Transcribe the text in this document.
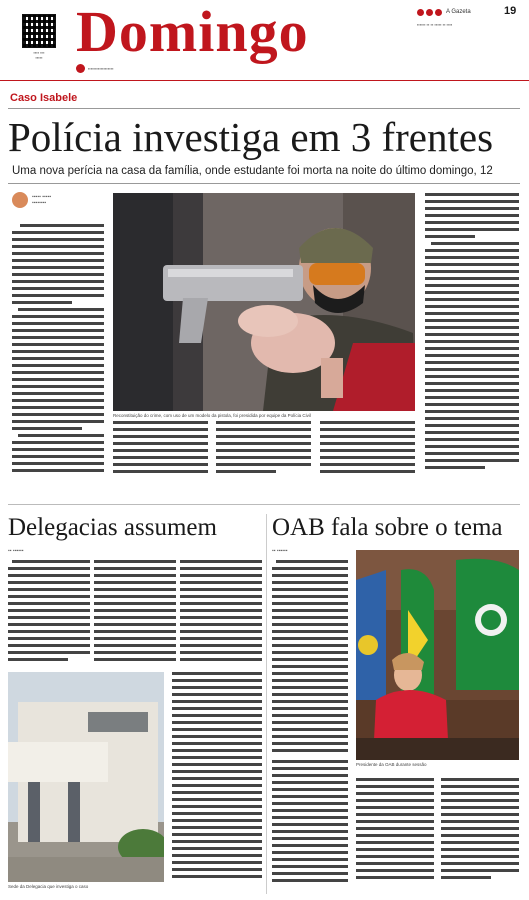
▪▪▪▪ ▪▪▪
▪▪▪▪▪ Domingo
▪▪▪▪▪▪▪▪▪▪▪▪▪▪▪▪▪▪
A Gazeta	19
▪▪▪▪▪▪ ▪▪ ▪▪ ▪▪▪▪▪ ▪▪ ▪▪▪▪
Caso Isabele
Polícia investiga em 3 frentes
Uma nova perícia na casa da família, onde estudante foi morta na noite do último domingo, 12
▪▪▪▪▪ ▪▪▪▪▪
▪▪▪▪▪▪▪▪
Reconstituição do crime, com uso de um modelo da pistola, foi presidida por equipe da Polícia Civil
Delegacias assumem
▪▪ ▪▪▪▪▪▪
Sede da Delegacia que investiga o caso
OAB fala sobre o tema
▪▪ ▪▪▪▪▪▪
Presidente da OAB durante sessão
